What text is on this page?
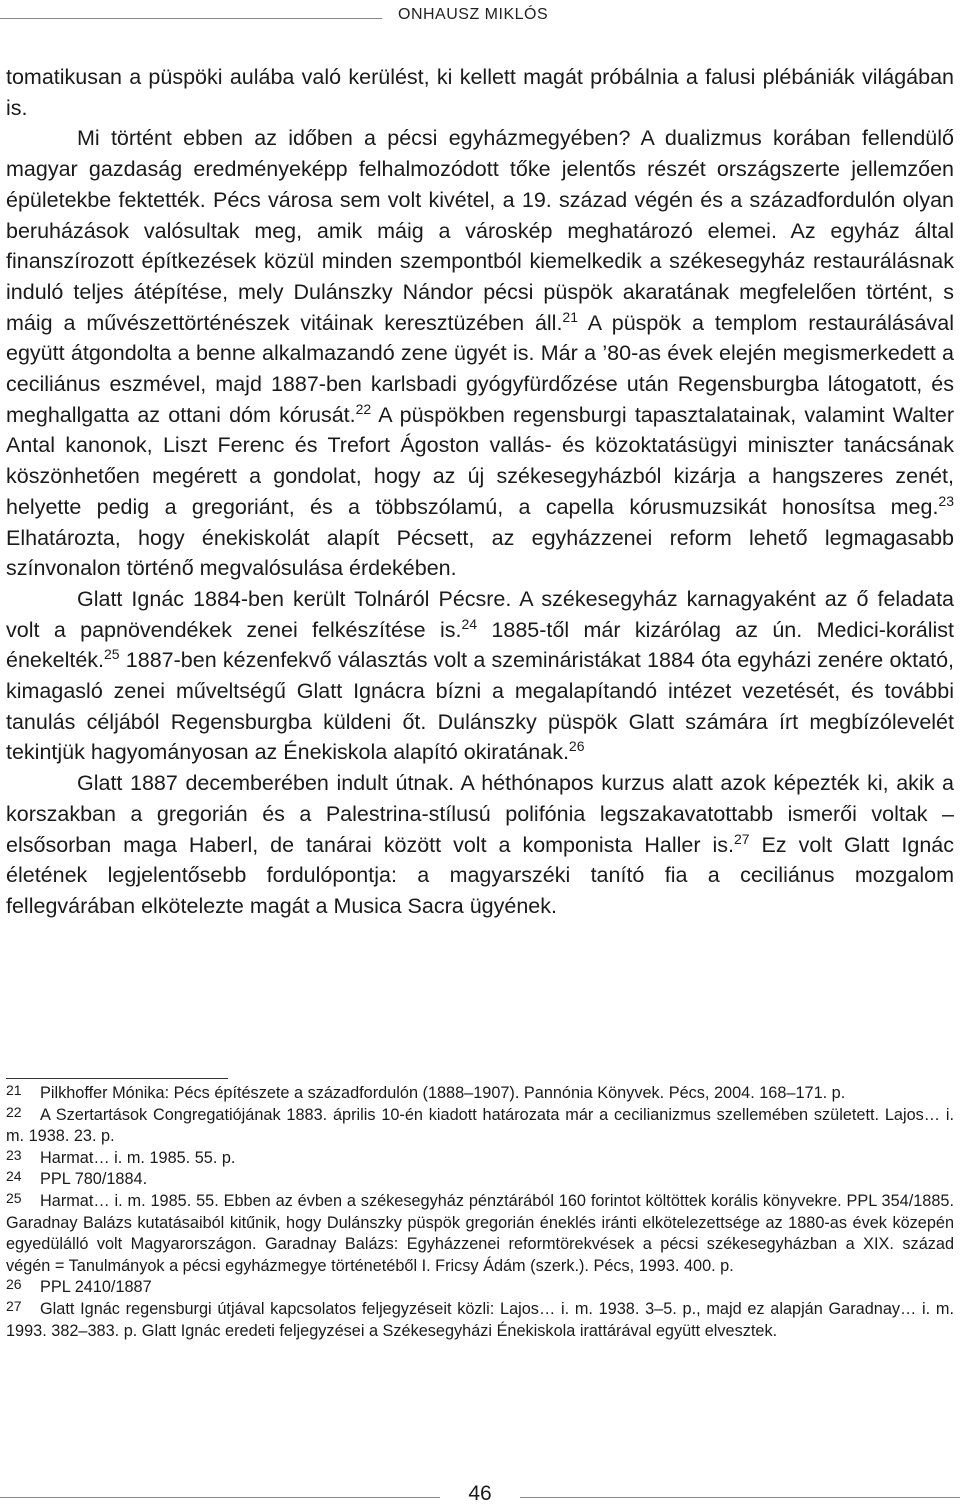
ONHAUSZ MIKLÓS

tomatikusan a püspöki aulába való kerülést, ki kellett magát próbálnia a falusi plébániák világában is.

Mi történt ebben az időben a pécsi egyházmegyében? A dualizmus korában fellendülő magyar gazdaság eredményeképp felhalmozódott tőke jelentős részét országszerte jellemzően épületekbe fektették. Pécs városa sem volt kivétel, a 19. század végén és a századfordulón olyan beruházások valósultak meg, amik máig a városkép meghatározó elemei. Az egyház által finanszírozott építkezések közül minden szempontból kiemelkedik a székesegyház restaurálásnak induló teljes átépítése, mely Dulánszky Nándor pécsi püspök akaratának megfelelően történt, s máig a művészettörténészek vitáinak keresztüzében áll.$^{21}$ A püspök a templom restaurálásával együtt átgondolta a benne alkalmazandó zene ügyét is. Már a ’80-as évek elején megismerkedett a ceciliánus eszmével, majd 1887-ben karlsbadi gyógyfürdőzése után Regensburgba látogatott, és meghallgatta az ottani dóm kórusát.$^{22}$ A püspökben regensburgi tapasztalatainak, valamint Walter Antal kanonok, Liszt Ferenc és Trefort Ágoston vallás- és közoktatásügyi miniszter tanácsának köszönhetően megérett a gondolat, hogy az új székesegyházból kizárja a hangszeres zenét, helyette pedig a gregoriánt, és a többszólamú, a capella kórusmuzsikát honosítsa meg.$^{23}$ Elhatározta, hogy énekiskolát alapít Pécsett, az egyházzenei reform lehető legmagasabb színvonalon történő megvalósulása érdekében.

Glatt Ignác 1884-ben került Tolnáról Pécsre. A székesegyház karnagyaként az ő feladata volt a papnövendékek zenei felkészítése is.$^{24}$ 1885-től már kizárólag az ún. Medici-korálist énekelték.$^{25}$ 1887-ben kézenfekvő választás volt a szemináristákat 1884 óta egyházi zenére oktató, kimagasló zenei műveltségű Glatt Ignácra bízni a megalapítandó intézet vezetését, és további tanulás céljából Regensburgba küldeni őt. Dulánszky püspök Glatt számára írt megbízólevelét tekintjük hagyományosan az Énekiskola alapító okiratának.$^{26}$

Glatt 1887 decemberében indult útnak. A héthónapos kurzus alatt azok képezték ki, akik a korszakban a gregorián és a Palestrina-stílusú polifónia legszakavatottabb ismerői voltak – elsősorban maga Haberl, de tanárai között volt a komponista Haller is.$^{27}$ Ez volt Glatt Ignác életének legjelentősebb fordulópontja: a magyarszéki tanító fia a ceciliánus mozgalom fellegvárában elkötelezte magát a Musica Sacra ügyének.

21 Pilkhoffer Mónika: Pécs építészete a századfordulón (1888–1907). Pannónia Könyvek. Pécs, 2004. 168–171. p.

22 A Szertartások Congregatiójának 1883. április 10-én kiadott határozata már a cecilianizmus szellemében született. Lajos… i. m. 1938. 23. p.

23 Harmat… i. m. 1985. 55. p.

24 PPL 780/1884.

25 Harmat… i. m. 1985. 55. Ebben az évben a székesegyház pénztárából 160 forintot költöttek korális könyvekre. PPL 354/1885. Garadnay Balázs kutatásaiból kitűnik, hogy Dulánszky püspök gregorián éneklés iránti elkötelezettsége az 1880-as évek közepén egyedülálló volt Magyarországon. Garadnay Balázs: Egyházzenei reformtörekvések a pécsi székesegyházban a XIX. század végén = Tanulmányok a pécsi egyházmegye történetéből I. Fricsy Ádám (szerk.). Pécs, 1993. 400. p.

26 PPL 2410/1887

27 Glatt Ignác regensburgi útjával kapcsolatos feljegyzéseit közli: Lajos… i. m. 1938. 3–5. p., majd ez alapján Garadnay… i. m. 1993. 382–383. p. Glatt Ignác eredeti feljegyzései a Székesegyházi Énekiskola irattárával együtt elvesztek.

46
